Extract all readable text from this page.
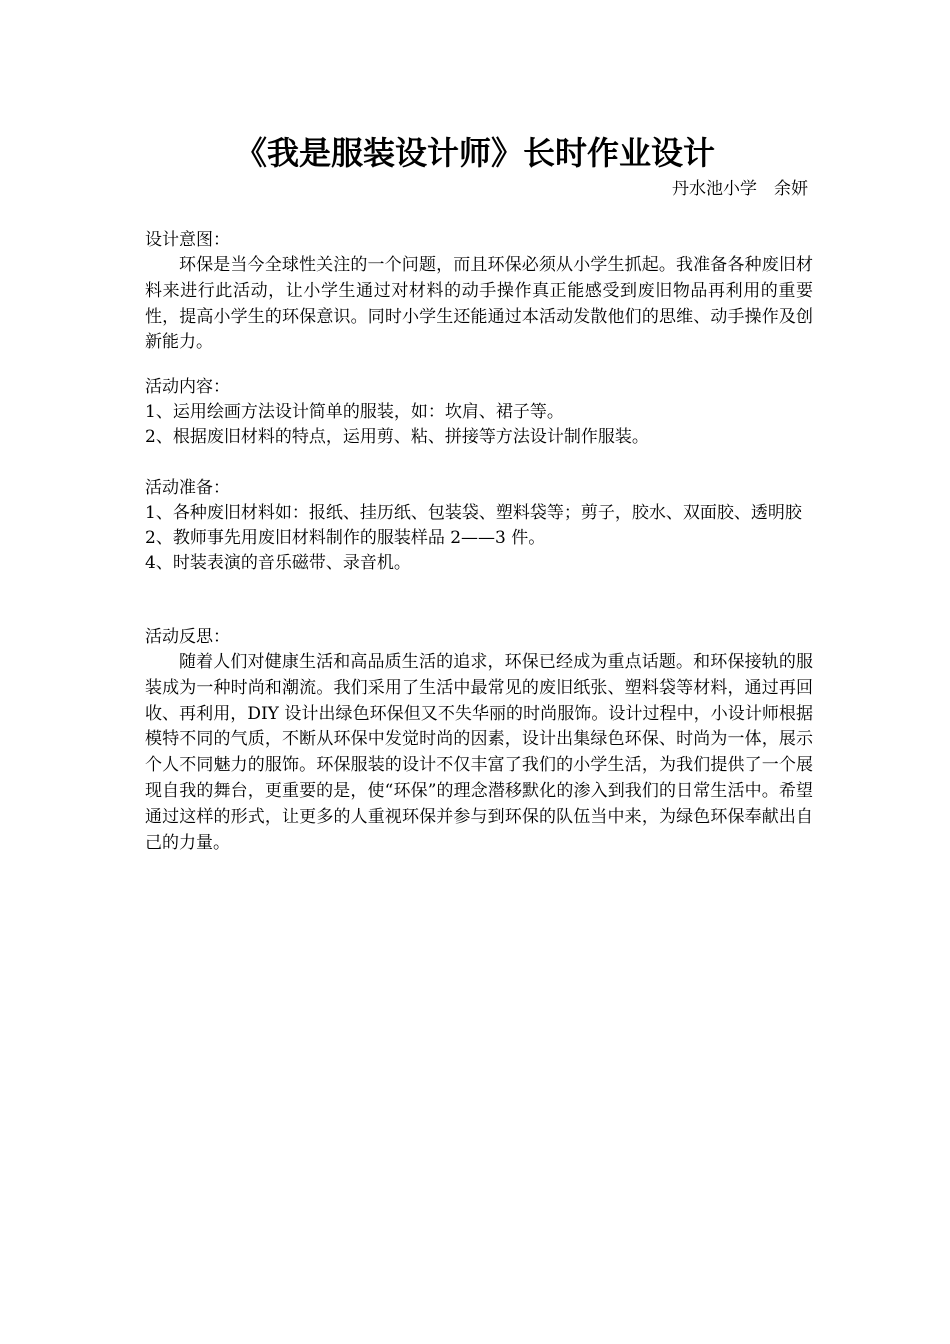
《我是服装设计师》长时作业设计

丹水池小学　余妍

设计意图：

环保是当今全球性关注的一个问题，而且环保必须从小学生抓起。我准备各种废旧材料来进行此活动，让小学生通过对材料的动手操作真正能感受到废旧物品再利用的重要性，提高小学生的环保意识。同时小学生还能通过本活动发散他们的思维、动手操作及创新能力。

活动内容：

1、运用绘画方法设计简单的服装，如：坎肩、裙子等。

2、根据废旧材料的特点，运用剪、粘、拼接等方法设计制作服装。

活动准备：

1、各种废旧材料如：报纸、挂历纸、包装袋、塑料袋等；剪子，胶水、双面胶、透明胶

2、教师事先用废旧材料制作的服装样品 2——3 件。

4、时装表演的音乐磁带、录音机。

活动反思：

随着人们对健康生活和高品质生活的追求，环保已经成为重点话题。和环保接轨的服装成为一种时尚和潮流。我们采用了生活中最常见的废旧纸张、塑料袋等材料，通过再回收、再利用，DIY 设计出绿色环保但又不失华丽的时尚服饰。设计过程中，小设计师根据模特不同的气质，不断从环保中发觉时尚的因素，设计出集绿色环保、时尚为一体，展示个人不同魅力的服饰。环保服装的设计不仅丰富了我们的小学生活，为我们提供了一个展现自我的舞台，更重要的是，使“环保”的理念潜移默化的渗入到我们的日常生活中。希望通过这样的形式，让更多的人重视环保并参与到环保的队伍当中来，为绿色环保奉献出自己的力量。
